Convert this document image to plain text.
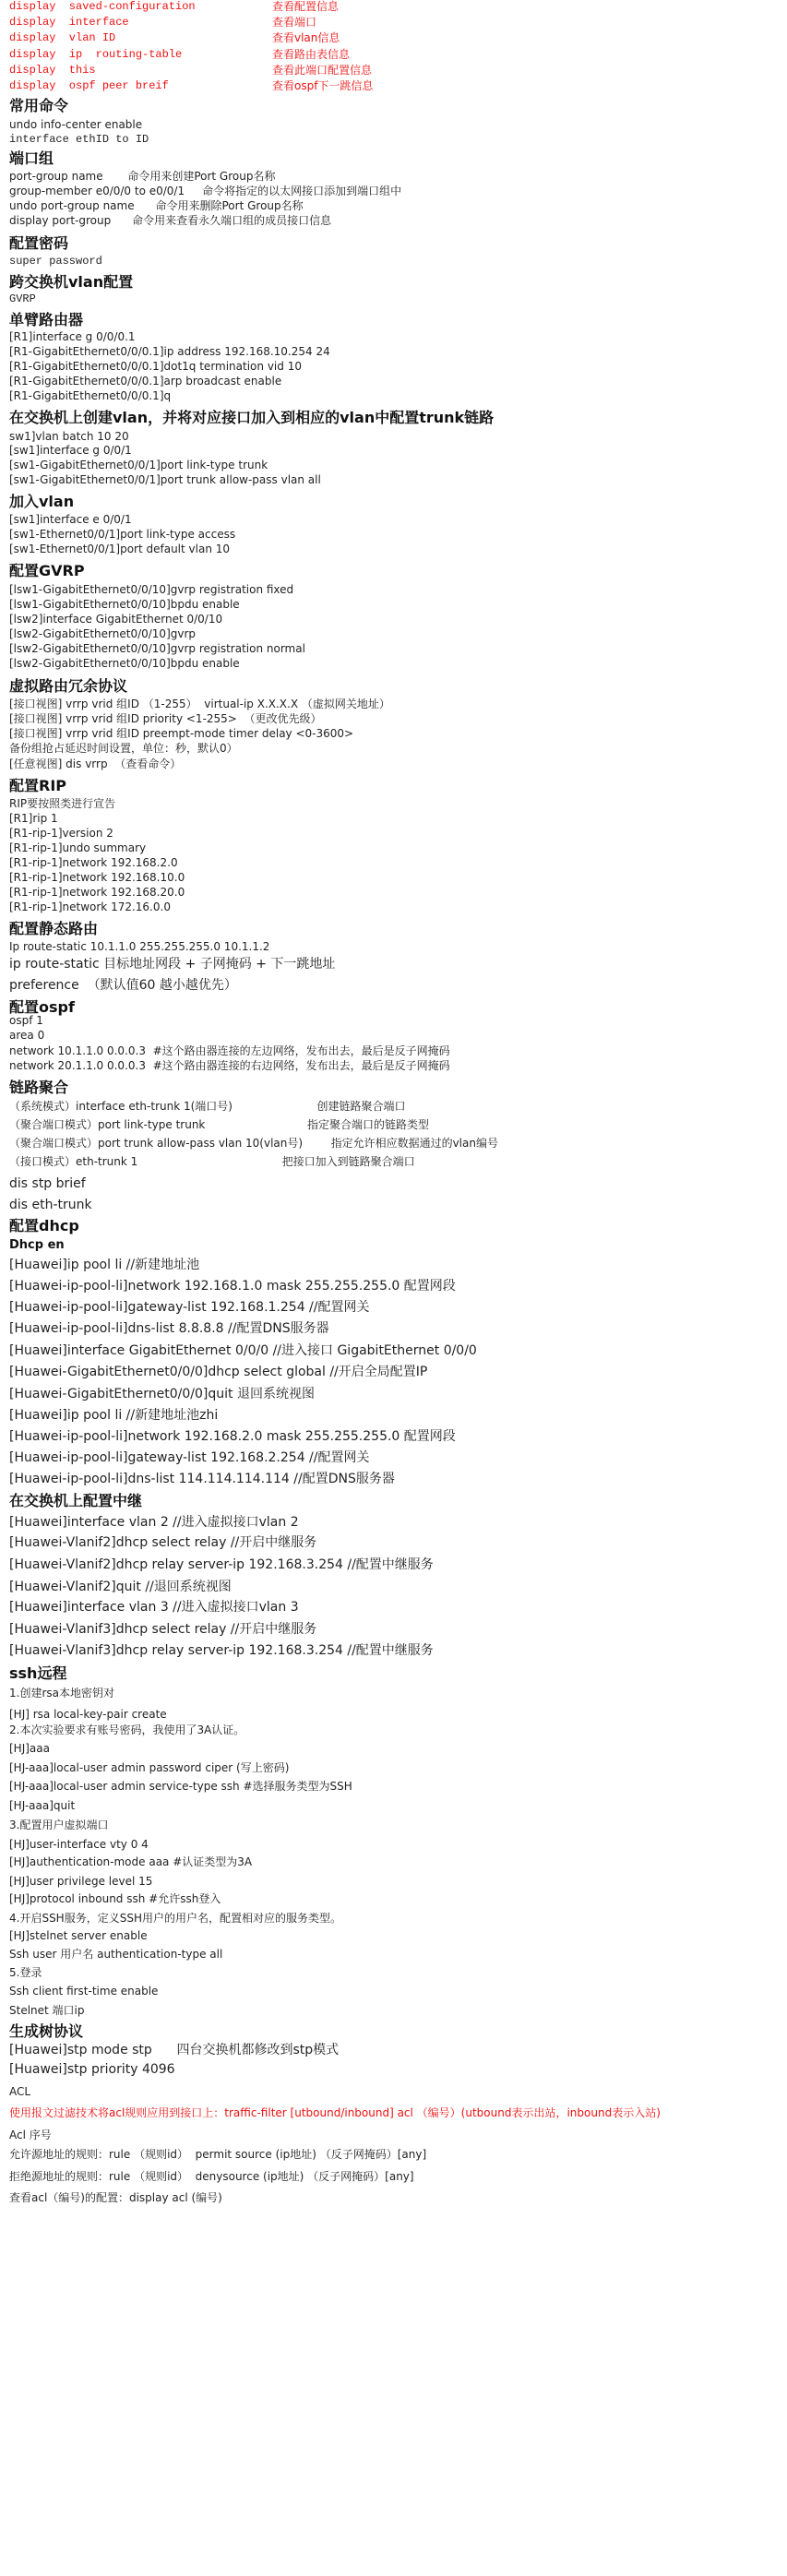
display  saved-configuration	查看配置信息
display  interface	查看端口
display  vlan ID	查看vlan信息
display  ip  routing-table	查看路由表信息
display  this	查看此端口配置信息
display  ospf peer breif	查看ospf下一跳信息
常用命令
undo info-center enable
interface ethID to ID
端口组
port-group name       命令用来创建Port Group名称
group-member e0/0/0 to e0/0/1     命令将指定的以太网接口添加到端口组中
undo port-group name      命令用来删除Port Group名称
display port-group      命令用来查看永久端口组的成员接口信息
配置密码
super password
跨交换机vlan配置
GVRP
单臂路由器
[R1]interface g 0/0/0.1
[R1-GigabitEthernet0/0/0.1]ip address 192.168.10.254 24
[R1-GigabitEthernet0/0/0.1]dot1q termination vid 10
[R1-GigabitEthernet0/0/0.1]arp broadcast enable
[R1-GigabitEthernet0/0/0.1]q
在交换机上创建vlan，并将对应接口加入到相应的vlan中配置trunk链路
sw1]vlan batch 10 20
[sw1]interface g 0/0/1
[sw1-GigabitEthernet0/0/1]port link-type trunk
[sw1-GigabitEthernet0/0/1]port trunk allow-pass vlan all
加入vlan
[sw1]interface e 0/0/1
[sw1-Ethernet0/0/1]port link-type access
[sw1-Ethernet0/0/1]port default vlan 10
配置GVRP
[lsw1-GigabitEthernet0/0/10]gvrp registration fixed
[lsw1-GigabitEthernet0/0/10]bpdu enable
[lsw2]interface GigabitEthernet 0/0/10
[lsw2-GigabitEthernet0/0/10]gvrp
[lsw2-GigabitEthernet0/0/10]gvrp registration normal
[lsw2-GigabitEthernet0/0/10]bpdu enable
虚拟路由冗余协议
[接口视图] vrrp vrid 组ID （1-255）  virtual-ip X.X.X.X （虚拟网关地址）
[接口视图] vrrp vrid 组ID priority <1-255>  （更改优先级）
[接口视图] vrrp vrid 组ID preempt-mode timer delay <0-3600>
备份组抢占延迟时间设置，单位：秒，默认0）
[任意视图] dis vrrp  （查看命令）
配置RIP
RIP要按照类进行宣告
[R1]rip 1
[R1-rip-1]version 2
[R1-rip-1]undo summary
[R1-rip-1]network 192.168.2.0
[R1-rip-1]network 192.168.10.0
[R1-rip-1]network 192.168.20.0
[R1-rip-1]network 172.16.0.0
配置静态路由
Ip route-static 10.1.1.0 255.255.255.0 10.1.1.2
ip route-static 目标地址网段 + 子网掩码 + 下一跳地址
preference  （默认值60 越小越优先）
配置ospf
ospf 1
area 0
network 10.1.1.0 0.0.0.3  #这个路由器连接的左边网络，发布出去，最后是反子网掩码
network 20.1.1.0 0.0.0.3  #这个路由器连接的右边网络，发布出去，最后是反子网掩码
链路聚合
（系统模式）interface eth-trunk 1(端口号)                        创建链路聚合端口
（聚合端口模式）port link-type trunk                             指定聚合端口的链路类型
（聚合端口模式）port trunk allow-pass vlan 10(vlan号)        指定允许相应数据通过的vlan编号
（接口模式）eth-trunk 1                                         把接口加入到链路聚合端口
dis stp brief
dis eth-trunk
配置dhcp
Dhcp en
[Huawei]ip pool li //新建地址池
[Huawei-ip-pool-li]network 192.168.1.0 mask 255.255.255.0 配置网段
[Huawei-ip-pool-li]gateway-list 192.168.1.254 //配置网关
[Huawei-ip-pool-li]dns-list 8.8.8.8 //配置DNS服务器
[Huawei]interface GigabitEthernet 0/0/0 //进入接口 GigabitEthernet 0/0/0
[Huawei-GigabitEthernet0/0/0]dhcp select global //开启全局配置IP
[Huawei-GigabitEthernet0/0/0]quit 退回系统视图
[Huawei]ip pool li //新建地址池zhi
[Huawei-ip-pool-li]network 192.168.2.0 mask 255.255.255.0 配置网段
[Huawei-ip-pool-li]gateway-list 192.168.2.254 //配置网关
[Huawei-ip-pool-li]dns-list 114.114.114.114 //配置DNS服务器
在交换机上配置中继
[Huawei]interface vlan 2 //进入虚拟接口vlan 2
[Huawei-Vlanif2]dhcp select relay //开启中继服务
[Huawei-Vlanif2]dhcp relay server-ip 192.168.3.254 //配置中继服务
[Huawei-Vlanif2]quit //退回系统视图
[Huawei]interface vlan 3 //进入虚拟接口vlan 3
[Huawei-Vlanif3]dhcp select relay //开启中继服务
[Huawei-Vlanif3]dhcp relay server-ip 192.168.3.254 //配置中继服务
ssh远程
1.创建rsa本地密钥对
[HJ] rsa local-key-pair create
2.本次实验要求有账号密码，我使用了3A认证。
[HJ]aaa
[HJ-aaa]local-user admin password ciper (写上密码)
[HJ-aaa]local-user admin service-type ssh #选择服务类型为SSH
[HJ-aaa]quit
3.配置用户虚拟端口
[HJ]user-interface vty 0 4
[HJ]authentication-mode aaa #认证类型为3A
[HJ]user privilege level 15
[HJ]protocol inbound ssh #允许ssh登入
4.开启SSH服务，定义SSH用户的用户名，配置相对应的服务类型。
[HJ]stelnet server enable
Ssh user 用户名 authentication-type all
5.登录
Ssh client first-time enable
Stelnet 端口ip
生成树协议
[Huawei]stp mode stp      四台交换机都修改到stp模式
[Huawei]stp priority 4096
ACL
使用报文过滤技术将acl规则应用到接口上：traffic-filter [utbound/inbound] acl （编号）(utbound表示出站，inbound表示入站)
Acl 序号
允许源地址的规则：rule （规则id）  permit source (ip地址) （反子网掩码）[any]
拒绝源地址的规则：rule （规则id）  denysource (ip地址) （反子网掩码）[any]
查看acl（编号)的配置：display acl (编号)
